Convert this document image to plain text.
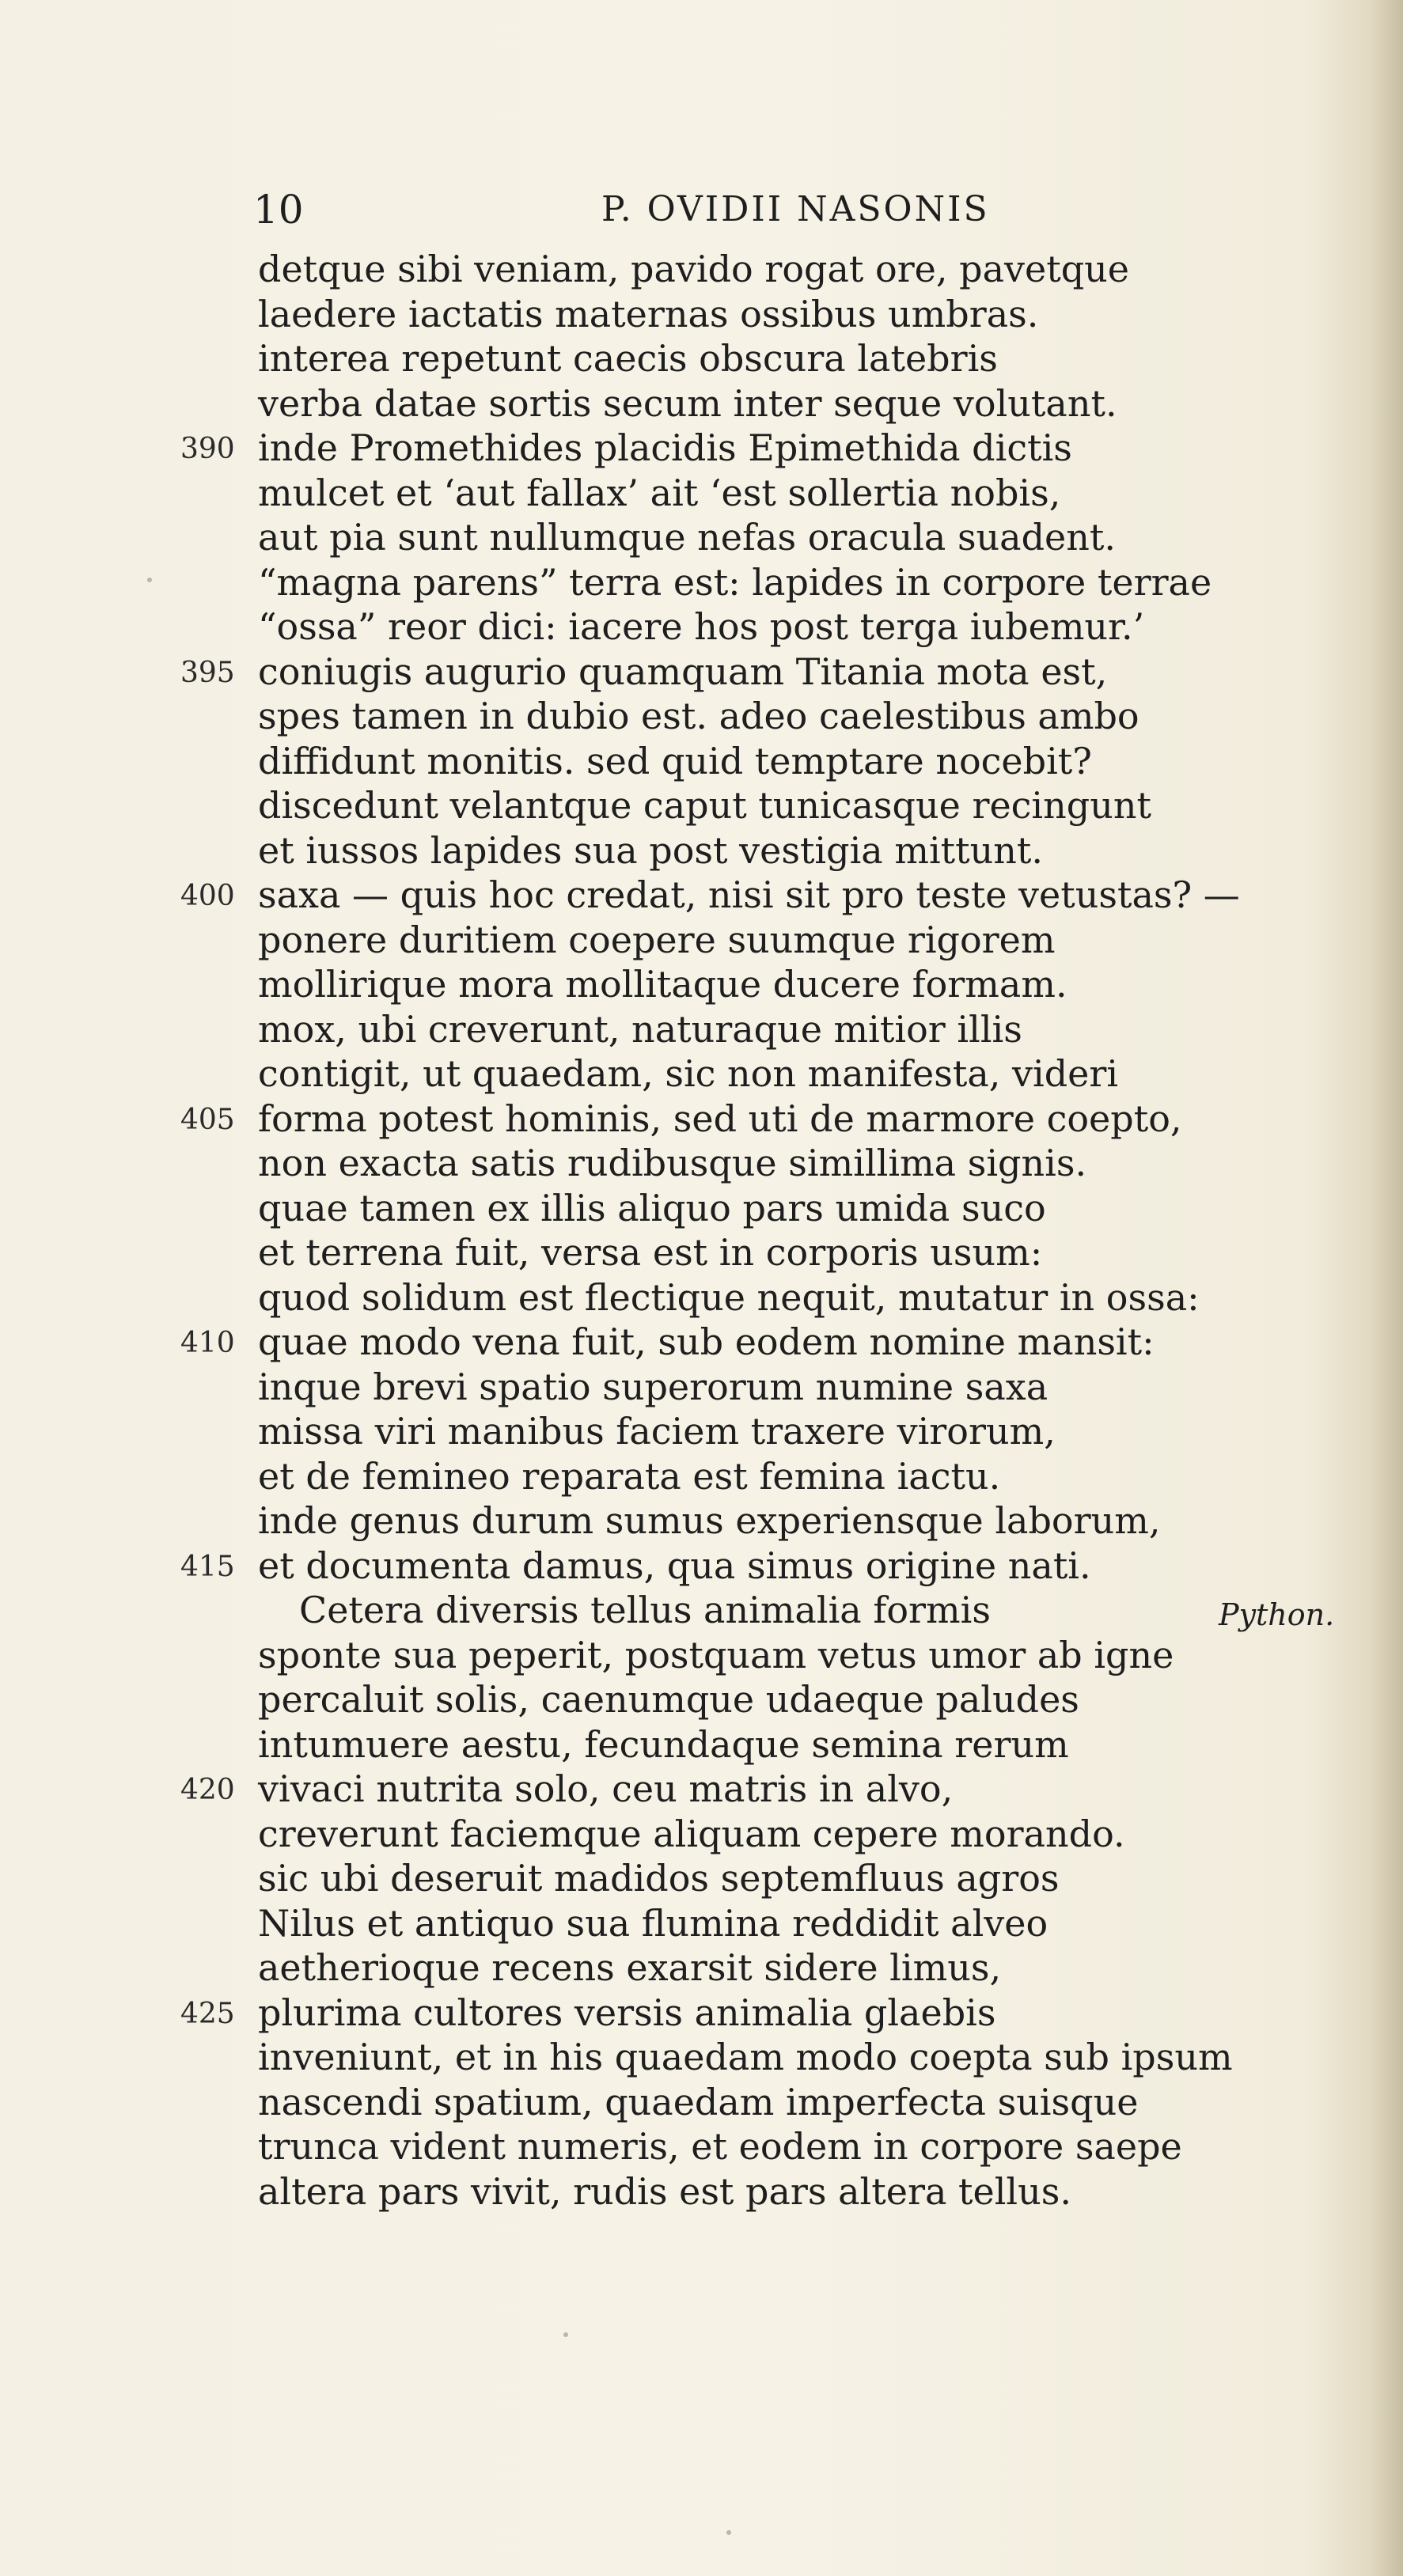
10	P. OVIDII NASONIS
detque sibi veniam, pavido rogat ore, pavetque
laedere iactatis maternas ossibus umbras.
interea repetunt caecis obscura latebris
verba datae sortis secum inter seque volutant.
390 inde Promethides placidis Epimethida dictis
mulcet et ‘aut fallax’ ait ‘est sollertia nobis,
aut pia sunt nullumque nefas oracula suadent.
“magna parens” terra est: lapides in corpore terrae
“ossa” reor dici: iacere hos post terga iubemur.’
395 coniugis augurio quamquam Titania mota est,
spes tamen in dubio est. adeo caelestibus ambo
diffidunt monitis. sed quid temptare nocebit?
discedunt velantque caput tunicasque recingunt
et iussos lapides sua post vestigia mittunt.
400 saxa — quis hoc credat, nisi sit pro teste vetustas? —
ponere duritiem coepere suumque rigorem
mollirique mora mollitaque ducere formam.
mox, ubi creverunt, naturaque mitior illis
contigit, ut quaedam, sic non manifesta, videri
405 forma potest hominis, sed uti de marmore coepto,
non exacta satis rudibusque simillima signis.
quae tamen ex illis aliquo pars umida suco
et terrena fuit, versa est in corporis usum:
quod solidum est flectique nequit, mutatur in ossa:
410 quae modo vena fuit, sub eodem nomine mansit:
inque brevi spatio superorum numine saxa
missa viri manibus faciem traxere virorum,
et de femineo reparata est femina iactu.
inde genus durum sumus experiensque laborum,
415 et documenta damus, qua simus origine nati.
Cetera diversis tellus animalia formis	Python.
sponte sua peperit, postquam vetus umor ab igne
percaluit solis, caenumque udaeque paludes
intumuere aestu, fecundaque semina rerum
420 vivaci nutrita solo, ceu matris in alvo,
creverunt faciemque aliquam cepere morando.
sic ubi deseruit madidos septemfluus agros
Nilus et antiquo sua flumina reddidit alveo
aetherioque recens exarsit sidere limus,
425 plurima cultores versis animalia glaebis
inveniunt, et in his quaedam modo coepta sub ipsum
nascendi spatium, quaedam imperfecta suisque
trunca vident numeris, et eodem in corpore saepe
altera pars vivit, rudis est pars altera tellus.
